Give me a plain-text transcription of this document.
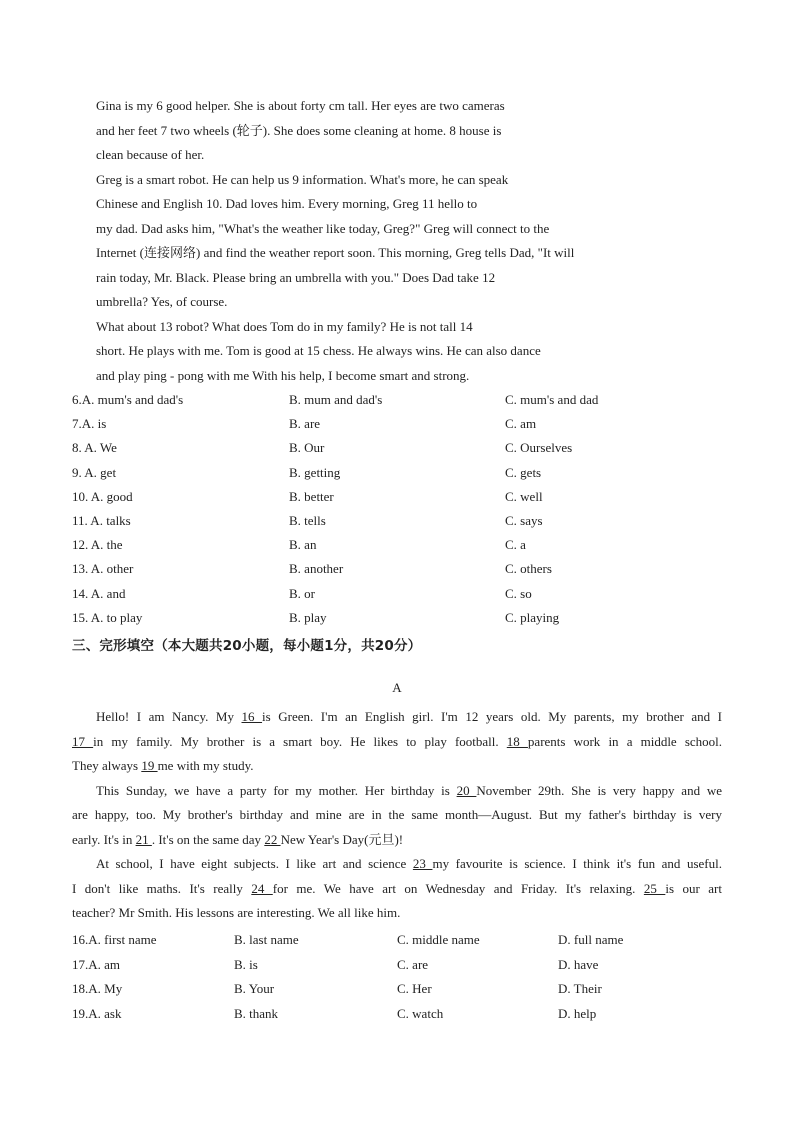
Gina is my 6 good helper. She is about forty cm tall. Her eyes are two cameras
and her feet 7 two wheels (轮子). She does some cleaning at home. 8 house is
clean because of her.
Greg is a smart robot. He can help us 9 information. What's more, he can speak
Chinese and English 10. Dad loves him. Every morning, Greg 11 hello to
my dad. Dad asks him, "What's the weather like today, Greg?" Greg will connect to the
Internet (连接网络) and find the weather report soon. This morning, Greg tells Dad, "It will
rain today, Mr. Black. Please bring an umbrella with you." Does Dad take 12
umbrella? Yes, of course.
What about 13 robot? What does Tom do in my family? He is not tall 14
short. He plays with me. Tom is good at 15 chess. He always wins. He can also dance
and play ping - pong with me With his help, I become smart and strong.
6.A. mum's and dad's	B. mum and dad's	C. mum's and dad
7.A. is	B. are	C. am
8. A. We	B. Our	C. Ourselves
9. A. get	B. getting	C. gets
10. A. good	B. better	C. well
11. A. talks	B. tells	C. says
12. A. the	B. an	C. a
13. A. other	B. another	C. others
14. A. and	B. or	C. so
15. A. to play	B. play	C. playing
三、完形填空（本大题共20小题，每小题1分，共20分）
A
Hello! I am Nancy. My 16 is Green. I'm an English girl. I'm 12 years old. My parents, my brother and I
17 in my family. My brother is a smart boy. He likes to play football. 18 parents work in a middle school.
They always 19 me with my study.
This Sunday, we have a party for my mother. Her birthday is 20 November 29th. She is very happy and we
are happy, too. My brother's birthday and mine are in the same month—August. But my father's birthday is very
early. It's in 21 . It's on the same day 22 New Year's Day(元旦)!
At school, I have eight subjects. I like art and science 23 my favourite is science. I think it's fun and useful.
I don't like maths. It's really 24 for me. We have art on Wednesday and Friday. It's relaxing. 25 is our art
teacher? Mr Smith. His lessons are interesting. We all like him.
16.A. first name	B. last name	C. middle name	D. full name
17.A. am	B. is	C. are	D. have
18.A. My	B. Your	C. Her	D. Their
19.A. ask	B. thank	C. watch	D. help
